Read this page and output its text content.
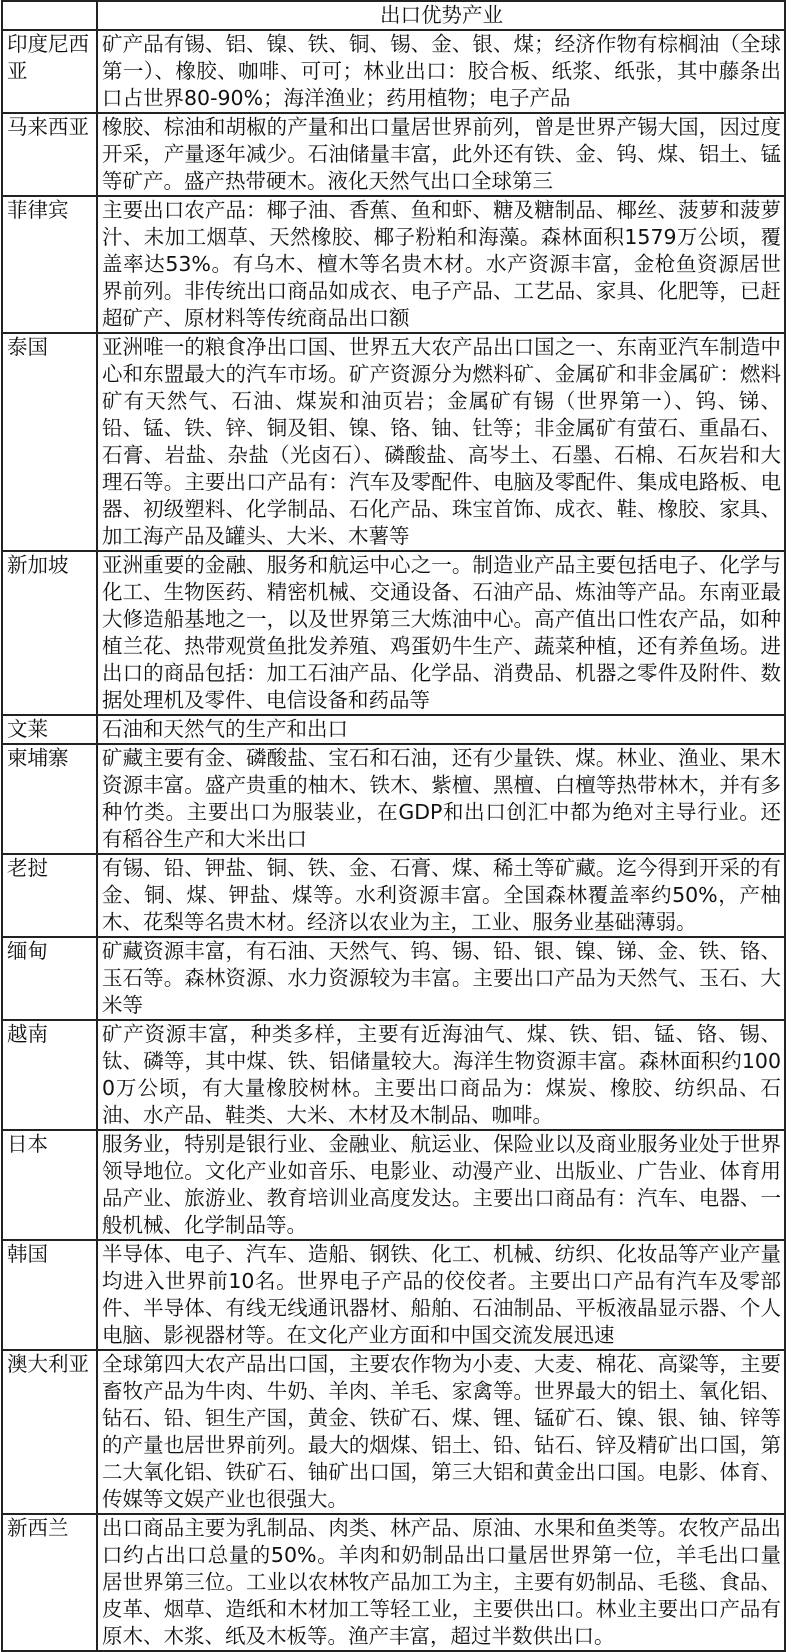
	出口优势产业
印度尼西亚	矿产品有锡、铝、镍、铁、铜、锡、金、银、煤；经济作物有棕榈油（全球第一）、橡胶、咖啡、可可；林业出口：胶合板、纸浆、纸张，其中藤条出口占世界80-90%；海洋渔业；药用植物；电子产品
马来西亚	橡胶、棕油和胡椒的产量和出口量居世界前列，曾是世界产锡大国，因过度开采，产量逐年减少。石油储量丰富，此外还有铁、金、钨、煤、铝土、锰等矿产。盛产热带硬木。液化天然气出口全球第三
菲律宾	主要出口农产品：椰子油、香蕉、鱼和虾、糖及糖制品、椰丝、菠萝和菠萝汁、未加工烟草、天然橡胶、椰子粉粕和海藻。森林面积1579万公顷，覆盖率达53%。有乌木、檀木等名贵木材。水产资源丰富，金枪鱼资源居世界前列。非传统出口商品如成衣、电子产品、工艺品、家具、化肥等，已赶超矿产、原材料等传统商品出口额
泰国	亚洲唯一的粮食净出口国、世界五大农产品出口国之一、东南亚汽车制造中心和东盟最大的汽车市场。矿产资源分为燃料矿、金属矿和非金属矿：燃料矿有天然气、石油、煤炭和油页岩；金属矿有锡（世界第一）、钨、锑、铅、锰、铁、锌、铜及钼、镍、铬、铀、钍等；非金属矿有萤石、重晶石、石膏、岩盐、杂盐（光卤石）、磷酸盐、高岑土、石墨、石棉、石灰岩和大理石等。主要出口产品有：汽车及零配件、电脑及零配件、集成电路板、电器、初级塑料、化学制品、石化产品、珠宝首饰、成衣、鞋、橡胶、家具、加工海产品及罐头、大米、木薯等
新加坡	亚洲重要的金融、服务和航运中心之一。制造业产品主要包括电子、化学与化工、生物医药、精密机械、交通设备、石油产品、炼油等产品。东南亚最大修造船基地之一，以及世界第三大炼油中心。高产值出口性农产品，如种植兰花、热带观赏鱼批发养殖、鸡蛋奶牛生产、蔬菜种植，还有养鱼场。进出口的商品包括：加工石油产品、化学品、消费品、机器之零件及附件、数据处理机及零件、电信设备和药品等
文莱	石油和天然气的生产和出口
柬埔寨	矿藏主要有金、磷酸盐、宝石和石油，还有少量铁、煤。林业、渔业、果木资源丰富。盛产贵重的柚木、铁木、紫檀、黑檀、白檀等热带林木，并有多种竹类。主要出口为服装业，在GDP和出口创汇中都为绝对主导行业。还有稻谷生产和大米出口
老挝	有锡、铅、钾盐、铜、铁、金、石膏、煤、稀土等矿藏。迄今得到开采的有金、铜、煤、钾盐、煤等。水利资源丰富。全国森林覆盖率约50%，产柚木、花梨等名贵木材。经济以农业为主，工业、服务业基础薄弱。
缅甸	矿藏资源丰富，有石油、天然气、钨、锡、铅、银、镍、锑、金、铁、铬、玉石等。森林资源、水力资源较为丰富。主要出口产品为天然气、玉石、大米等
越南	矿产资源丰富，种类多样，主要有近海油气、煤、铁、铝、锰、铬、锡、钛、磷等，其中煤、铁、铝储量较大。海洋生物资源丰富。森林面积约1000万公顷，有大量橡胶树林。主要出口商品为：煤炭、橡胶、纺织品、石油、水产品、鞋类、大米、木材及木制品、咖啡。
日本	服务业，特别是银行业、金融业、航运业、保险业以及商业服务业处于世界领导地位。文化产业如音乐、电影业、动漫产业、出版业、广告业、体育用品产业、旅游业、教育培训业高度发达。主要出口商品有：汽车、电器、一般机械、化学制品等。
韩国	半导体、电子、汽车、造船、钢铁、化工、机械、纺织、化妆品等产业产量均进入世界前10名。世界电子产品的佼佼者。主要出口产品有汽车及零部件、半导体、有线无线通讯器材、船舶、石油制品、平板液晶显示器、个人电脑、影视器材等。在文化产业方面和中国交流发展迅速
澳大利亚	全球第四大农产品出口国，主要农作物为小麦、大麦、棉花、高粱等，主要畜牧产品为牛肉、牛奶、羊肉、羊毛、家禽等。世界最大的铝土、氧化铝、钻石、铅、钽生产国，黄金、铁矿石、煤、锂、锰矿石、镍、银、铀、锌等的产量也居世界前列。最大的烟煤、铝土、铅、钻石、锌及精矿出口国，第二大氧化铝、铁矿石、铀矿出口国，第三大铝和黄金出口国。电影、体育、传媒等文娱产业也很强大。
新西兰	出口商品主要为乳制品、肉类、林产品、原油、水果和鱼类等。农牧产品出口约占出口总量的50%。羊肉和奶制品出口量居世界第一位，羊毛出口量居世界第三位。工业以农林牧产品加工为主，主要有奶制品、毛毯、食品、皮革、烟草、造纸和木材加工等轻工业，主要供出口。林业主要出口产品有原木、木浆、纸及木板等。渔产丰富，超过半数供出口。
